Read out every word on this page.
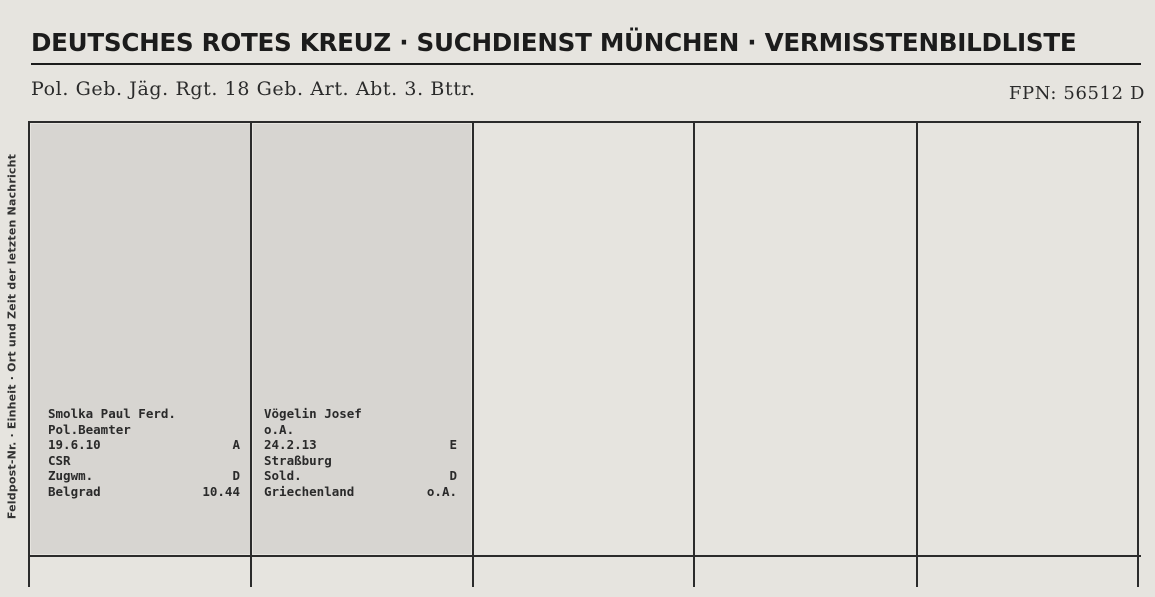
Feldpost-Nr. · Einheit · Ort und Zeit der letzten Nachricht
DEUTSCHES ROTES KREUZ · SUCHDIENST MÜNCHEN · VERMISSTENBILDLISTE
Pol. Geb. Jäg. Rgt. 18 Geb. Art. Abt. 3. Bttr.	FPN: 56512 D
Smolka Paul Ferd.
Pol.Beamter
19.6.10	A
CSR
Zugwm.	D
Belgrad	10.44
Vögelin Josef
o.A.
24.2.13	E
Straßburg
Sold.	D
Griechenland	o.A.
